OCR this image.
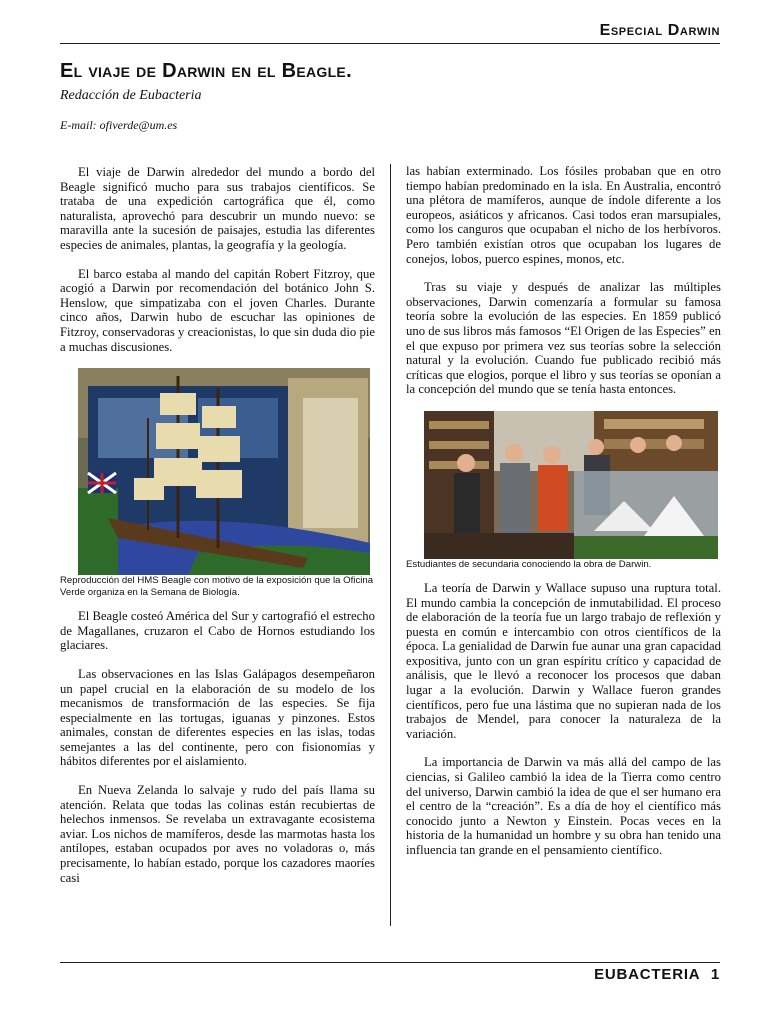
Especial Darwin
El viaje de Darwin en el Beagle.
Redacción de Eubacteria
E-mail: ofiverde@um.es

El viaje de Darwin alrededor del mundo a bordo del Beagle significó mucho para sus trabajos científicos. Se trataba de una expedición cartográfica que él, como naturalista, aprovechó para descubrir un mundo nuevo: se maravilla ante la sucesión de paisajes, estudia las diferentes especies de animales, plantas, la geografía y la geología.

El barco estaba al mando del capitán Robert Fitzroy, que acogió a Darwin por recomendación del botánico John S. Henslow, que simpatizaba con el joven Charles. Durante cinco años, Darwin hubo de escuchar las opiniones de Fitzroy, conservadoras y creacionistas, lo que sin duda dio pie a muchas discusiones.

Reproducción del HMS Beagle con motivo de la exposición que la Oficina Verde organiza en la Semana de Biología.

El Beagle costeó América del Sur y cartografió el estrecho de Magallanes, cruzaron el Cabo de Hornos estudiando los glaciares.

Las observaciones en las Islas Galápagos desempeñaron un papel crucial en la elaboración de su modelo de los mecanismos de transformación de las especies. Se fija especialmente en las tortugas, iguanas y pinzones. Estos animales, constan de diferentes especies en las islas, todas semejantes a las del continente, pero con fisionomías y hábitos diferentes por el aislamiento.

En Nueva Zelanda lo salvaje y rudo del país llama su atención. Relata que todas las colinas están recubiertas de helechos inmensos. Se revelaba un extravagante ecosistema aviar. Los nichos de mamíferos, desde las marmotas hasta los antílopes, estaban ocupados por aves no voladoras o, más precisamente, lo habían estado, porque los cazadores maoríes casi

las habían exterminado. Los fósiles probaban que en otro tiempo habían predominado en la isla. En Australia, encontró una plétora de mamíferos, aunque de índole diferente a los europeos, asiáticos y africanos. Casi todos eran marsupiales, como los canguros que ocupaban el nicho de los herbívoros. Pero también existían otros que ocupaban los lugares de conejos, lobos, puerco espines, monos, etc.

Tras su viaje y después de analizar las múltiples observaciones, Darwin comenzaría a formular su famosa teoría sobre la evolución de las especies. En 1859 publicó uno de sus libros más famosos “El Origen de las Especies” en el que expuso por primera vez sus teorías sobre la selección natural y la evolución. Cuando fue publicado recibió más críticas que elogios, porque el libro y sus teorías se oponían a la concepción del mundo que se tenía hasta entonces.

Estudiantes de secundaria conociendo la obra de Darwin.

La teoría de Darwin y Wallace supuso una ruptura total. El mundo cambia la concepción de inmutabilidad. El proceso de elaboración de la teoría fue un largo trabajo de reflexión y puesta en común e intercambio con otros científicos de la época. La genialidad de Darwin fue aunar una gran capacidad expositiva, junto con un gran espíritu crítico y capacidad de análisis, que le llevó a reconocer los procesos que daban lugar a la evolución. Darwin y Wallace fueron grandes científicos, pero fue una lástima que no supieran nada de los trabajos de Mendel, para conocer la naturaleza de la variación.

La importancia de Darwin va más allá del campo de las ciencias, si Galileo cambió la idea de la Tierra como centro del universo, Darwin cambió la idea de que el ser humano era el centro de la “creación”. Es a día de hoy el científico más conocido junto a Newton y Einstein. Pocas veces en la historia de la humanidad un hombre y su obra han tenido una influencia tan grande en el pensamiento científico.

EUBACTERIA 1
